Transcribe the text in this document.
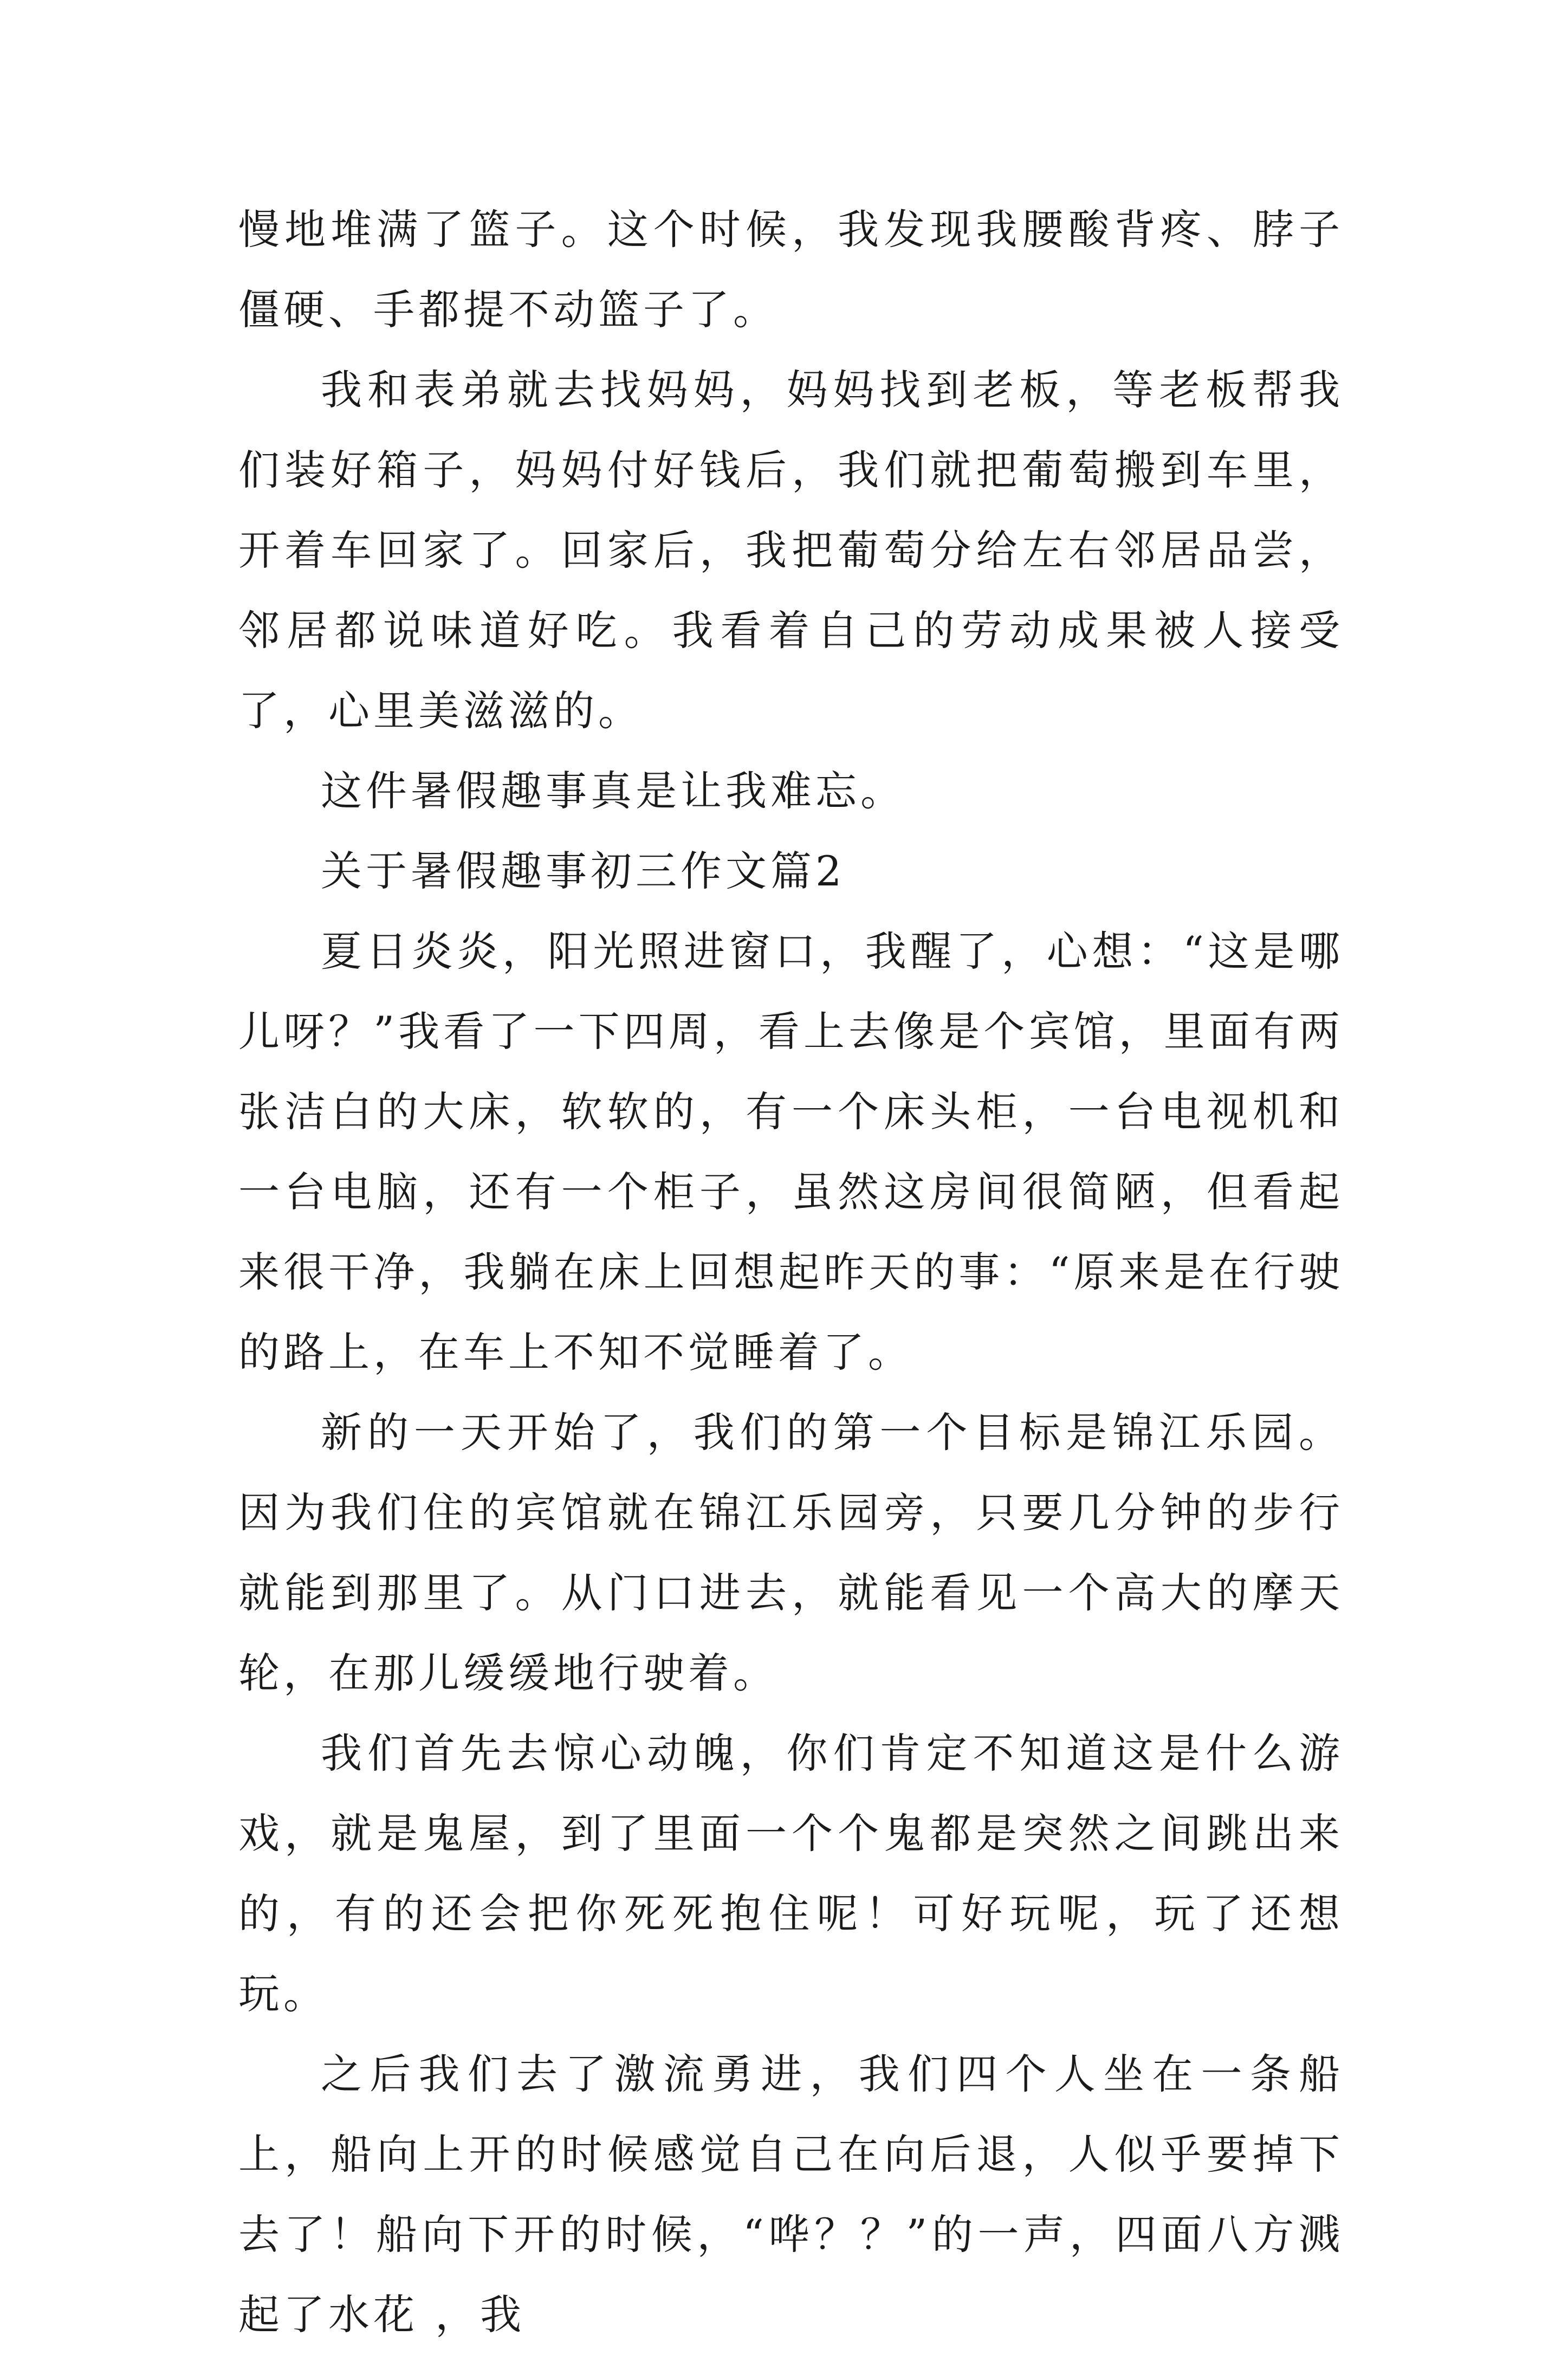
慢地堆满了篮子。这个时候，我发现我腰酸背疼、脖子僵硬、手都提不动篮子了。

我和表弟就去找妈妈，妈妈找到老板，等老板帮我们装好箱子，妈妈付好钱后，我们就把葡萄搬到车里，开着车回家了。回家后，我把葡萄分给左右邻居品尝，邻居都说味道好吃。我看着自己的劳动成果被人接受了，心里美滋滋的。

这件暑假趣事真是让我难忘。

关于暑假趣事初三作文篇2

夏日炎炎，阳光照进窗口，我醒了，心想：“这是哪儿呀？”我看了一下四周，看上去像是个宾馆，里面有两张洁白的大床，软软的，有一个床头柜，一台电视机和一台电脑，还有一个柜子，虽然这房间很简陋，但看起来很干净，我躺在床上回想起昨天的事：“原来是在行驶的路上，在车上不知不觉睡着了。

新的一天开始了，我们的第一个目标是锦江乐园。因为我们住的宾馆就在锦江乐园旁，只要几分钟的步行就能到那里了。从门口进去，就能看见一个高大的摩天轮，在那儿缓缓地行驶着。

我们首先去惊心动魄，你们肯定不知道这是什么游戏，就是鬼屋，到了里面一个个鬼都是突然之间跳出来的，有的还会把你死死抱住呢！可好玩呢，玩了还想玩。

之后我们去了激流勇进，我们四个人坐在一条船上，船向上开的时候感觉自己在向后退，人似乎要掉下去了！船向下开的时候，“哗？？”的一声，四面八方溅起了水花 ，我
